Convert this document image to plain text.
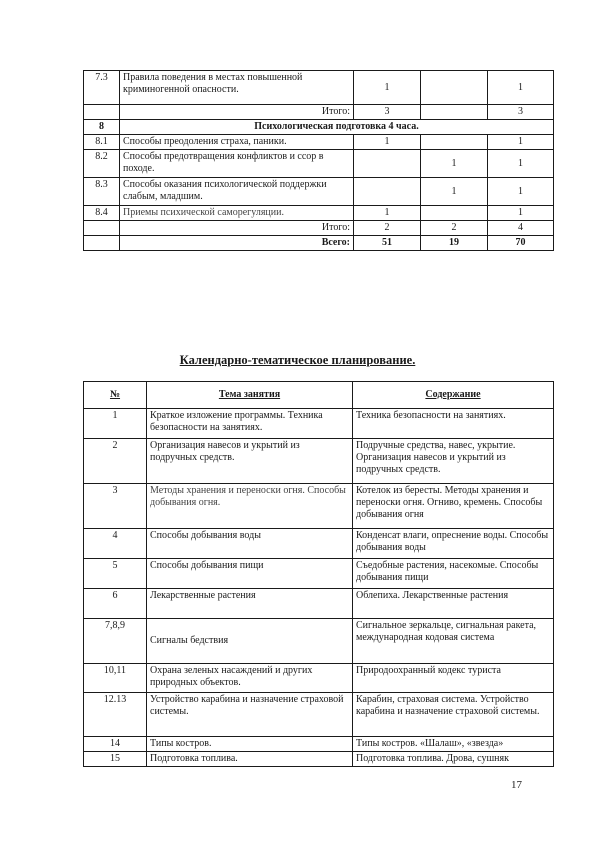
7.3	Правила поведения в местах повышенной криминогенной опасности.	1		1
	Итого:	3		3
8	Психологическая подготовка 4 часа.			
8.1	Способы преодоления страха, паники.	1		1
8.2	Способы предотвращения конфликтов и ссор в походе.		1	1
8.3	Способы оказания психологической поддержки слабым, младшим.		1	1
8.4	Приемы психической саморегуляции.	1		1
	Итого:	2	2	4
	Всего:	51	19	70
Календарно-тематическое планирование.
№	Тема занятия	Содержание
1	Краткое изложение программы. Техника безопасности на занятиях.	Техника безопасности на занятиях.
2	Организация навесов и укрытий из подручных средств.	Подручные средства, навес, укрытие. Организация навесов и укрытий из подручных средств.
3	Методы хранения и переноски огня. Способы добывания огня.	Котелок из бересты. Методы хранения и переноски огня. Огниво, кремень. Способы добывания огня
4	Способы добывания воды	Конденсат влаги, опреснение воды. Способы добывания воды
5	Способы добывания пищи	Съедобные растения, насекомые. Способы добывания пищи
6	Лекарственные растения	Облепиха. Лекарственные растения
7,8,9	Сигналы бедствия	Сигнальное зеркальце, сигнальная ракета, международная кодовая система
10,11	Охрана зеленых насаждений и других природных объектов.	Природоохранный кодекс туриста
12.13	Устройство карабина и назначение страховой системы.	Карабин, страховая система. Устройство карабина и назначение страховой системы.
14	Типы костров.	Типы костров. «Шалаш», «звезда»
15	Подготовка топлива.	Подготовка топлива. Дрова, сушняк
17
